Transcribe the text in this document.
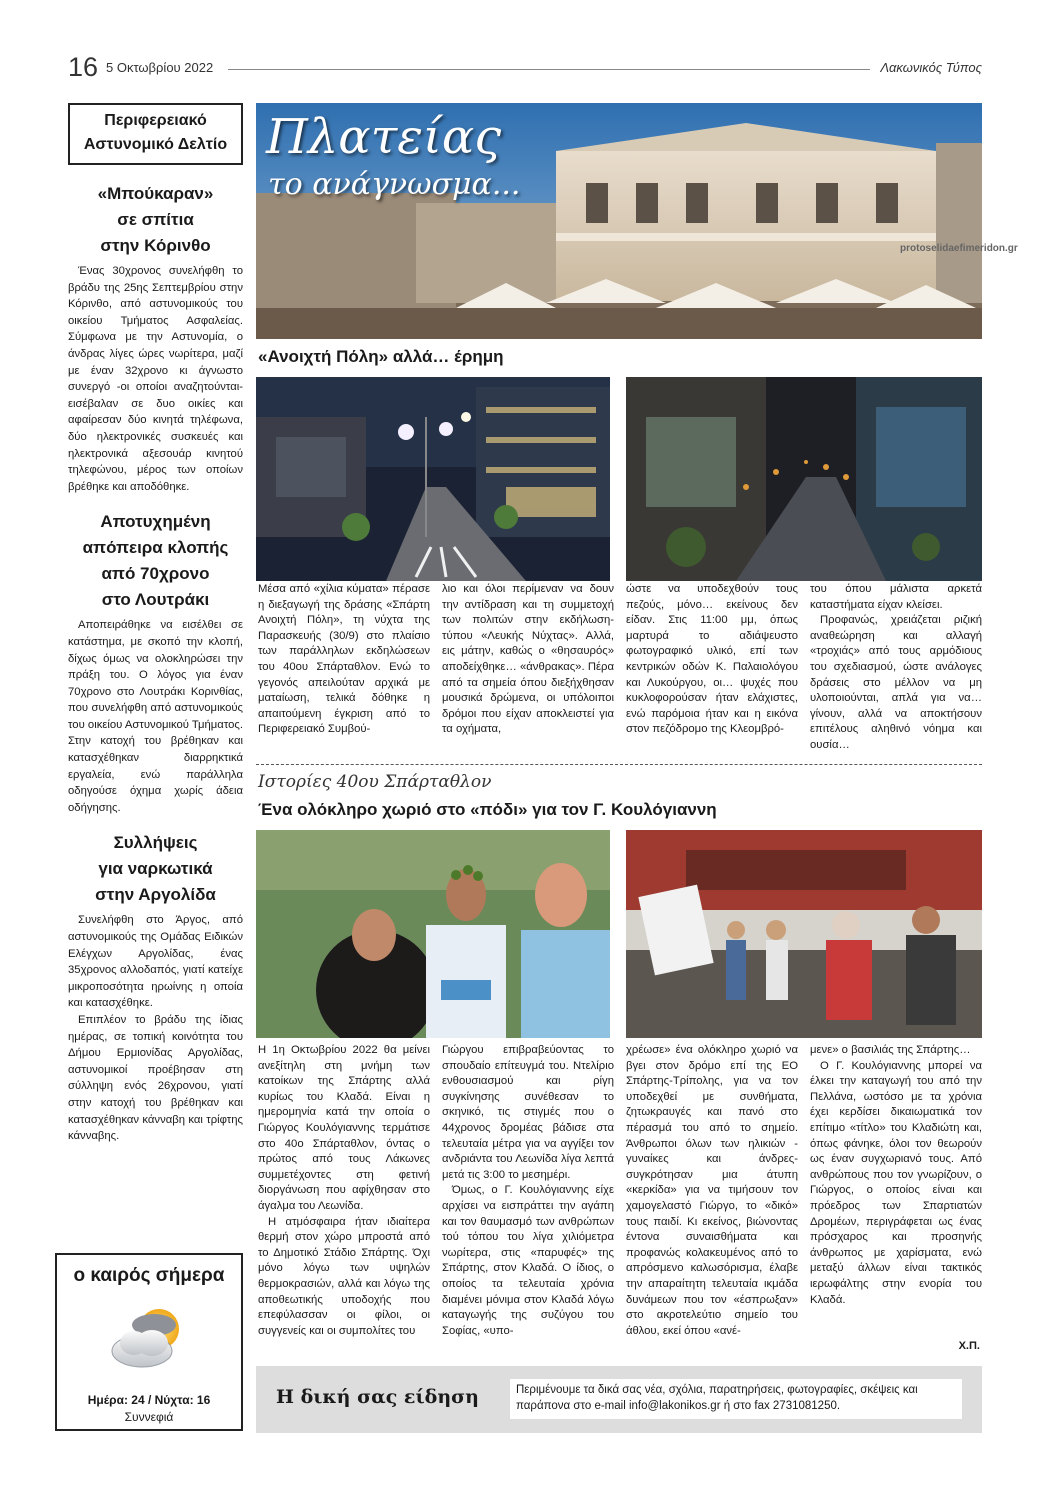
16 5 Οκτωβρίου 2022	Λακωνικός Τύπος
Περιφερειακό
Αστυνομικό Δελτίο
«Μπούκαραν»
σε σπίτια
στην Κόρινθο

Ένας 30χρονος συνελήφθη το βράδυ της 25ης Σεπτεμβρίου στην Κόρινθο, από αστυνομικούς του οικείου Τμήματος Ασφαλείας. Σύμφωνα με την Αστυνομία, ο άνδρας λίγες ώρες νωρίτερα, μαζί με έναν 32χρονο κι άγνωστο συνεργό -οι οποίοι αναζητούνται- εισέβαλαν σε δυο οικίες και αφαίρεσαν δύο κινητά τηλέφωνα, δύο ηλεκτρονικές συσκευές και ηλεκτρονικά αξεσουάρ κινητού τηλεφώνου, μέρος των οποίων βρέθηκε και αποδόθηκε.

Αποτυχημένη
απόπειρα κλοπής
από 70χρονο
στο Λουτράκι

Αποπειράθηκε να εισέλθει σε κατάστημα, με σκοπό την κλοπή, δίχως όμως να ολοκληρώσει την πράξη του. Ο λόγος για έναν 70χρονο στο Λουτράκι Κορινθίας, που συνελήφθη από αστυνομικούς του οικείου Αστυνομικού Τμήματος. Στην κατοχή του βρέθηκαν και κατασχέθηκαν διαρρηκτικά εργαλεία, ενώ παράλληλα οδηγούσε όχημα χωρίς άδεια οδήγησης.

Συλλήψεις
για ναρκωτικά
στην Αργολίδα

Συνελήφθη στο Άργος, από αστυνομικούς της Ομάδας Ειδικών Ελέγχων Αργολίδας, ένας 35χρονος αλλοδαπός, γιατί κατείχε μικροποσότητα ηρωίνης η οποία και κατασχέθηκε.

Επιπλέον το βράδυ της ίδιας ημέρας, σε τοπική κοινότητα του Δήμου Ερμιονίδας Αργολίδας, αστυνομικοί προέβησαν στη σύλληψη ενός 26χρονου, γιατί στην κατοχή του βρέθηκαν και κατασχέθηκαν κάνναβη και τρίφτης κάνναβης.

ο καιρός σήμερα
Ημέρα: 24 / Νύχτα: 16
Συννεφιά
Πλατείας
το ανάγνωσμα...
protoselidaefimeridon.gr
«Ανοιχτή Πόλη» αλλά… έρημη

Μέσα από «χίλια κύματα» πέρασε η διεξαγωγή της δράσης «Σπάρτη Ανοιχτή Πόλη», τη νύχτα της Παρασκευής (30/9) στο πλαίσιο των παράλληλων εκδηλώσεων του 40ου Σπάρταθλον. Ενώ το γεγονός απειλούταν αρχικά με ματαίωση, τελικά δόθηκε η απαιτούμενη έγκριση από το Περιφερειακό Συμβού-

λιο και όλοι περίμεναν να δουν την αντίδραση και τη συμμετοχή των πολιτών στην εκδήλωση-τύπου «Λευκής Νύχτας». Αλλά, εις μάτην, καθώς ο «θησαυρός» αποδείχθηκε… «άνθρακας». Πέρα από τα σημεία όπου διεξήχθησαν μουσικά δρώμενα, οι υπόλοιποι δρόμοι που είχαν αποκλειστεί για τα οχήματα,

ώστε να υποδεχθούν τους πεζούς, μόνο… εκείνους δεν είδαν. Στις 11:00 μμ, όπως μαρτυρά το αδιάψευστο φωτογραφικό υλικό, επί των κεντρικών οδών Κ. Παλαιολόγου και Λυκούργου, οι… ψυχές που κυκλοφορούσαν ήταν ελάχιστες, ενώ παρόμοια ήταν και η εικόνα στον πεζόδρομο της Κλεομβρό-

του όπου μάλιστα αρκετά καταστήματα είχαν κλείσει.

Προφανώς, χρειάζεται ριζική αναθεώρηση και αλλαγή «τροχιάς» από τους αρμόδιους του σχεδιασμού, ώστε ανάλογες δράσεις στο μέλλον να μη υλοποιούνται, απλά για να… γίνουν, αλλά να αποκτήσουν επιτέλους αληθινό νόημα και ουσία…

Ιστορίες 40ου Σπάρταθλον
Ένα ολόκληρο χωριό στο «πόδι» για τον Γ. Κουλόγιαννη

Η 1η Οκτωβρίου 2022 θα μείνει ανεξίτηλη στη μνήμη των κατοίκων της Σπάρτης αλλά κυρίως του Κλαδά. Είναι η ημερομηνία κατά την οποία ο Γιώργος Κουλόγιαννης τερμάτισε στο 40ο Σπάρταθλον, όντας ο πρώτος από τους Λάκωνες συμμετέχοντες στη φετινή διοργάνωση που αφίχθησαν στο άγαλμα του Λεωνίδα.

Η ατμόσφαιρα ήταν ιδιαίτερα θερμή στον χώρο μπροστά από το Δημοτικό Στάδιο Σπάρτης. Όχι μόνο λόγω των υψηλών θερμοκρασιών, αλλά και λόγω της αποθεωτικής υποδοχής που επεφύλασσαν οι φίλοι, οι συγγενείς και οι συμπολίτες του

Γιώργου επιβραβεύοντας το σπουδαίο επίτευγμά του. Ντελίριο ενθουσιασμού και ρίγη συγκίνησης συνέθεσαν το σκηνικό, τις στιγμές που ο 44χρονος δρομέας βάδισε στα τελευταία μέτρα για να αγγίξει τον ανδριάντα του Λεωνίδα λίγα λεπτά μετά τις 3:00 το μεσημέρι.

Όμως, ο Γ. Κουλόγιαννης είχε αρχίσει να εισπράττει την αγάπη και τον θαυμασμό των ανθρώπων τού τόπου του λίγα χιλιόμετρα νωρίτερα, στις «παρυφές» της Σπάρτης, στον Κλαδά. Ο ίδιος, ο οποίος τα τελευταία χρόνια διαμένει μόνιμα στον Κλαδά λόγω καταγωγής της συζύγου του Σοφίας, «υπο-

χρέωσε» ένα ολόκληρο χωριό να βγει στον δρόμο επί της ΕΟ Σπάρτης-Τρίπολης, για να τον υποδεχθεί με συνθήματα, ζητωκραυγές και πανό στο πέρασμά του από το σημείο. Άνθρωποι όλων των ηλικιών - γυναίκες και άνδρες- συγκρότησαν μια άτυπη «κερκίδα» για να τιμήσουν τον χαμογελαστό Γιώργο, το «δικό» τους παιδί. Κι εκείνος, βιώνοντας έντονα συναισθήματα και προφανώς κολακευμένος από το απρόσμενο καλωσόρισμα, έλαβε την απαραίτητη τελευταία ικμάδα δυνάμεων που τον «έσπρωξαν» στο ακροτελεύτιο σημείο του άθλου, εκεί όπου «ανέ-

μενε» ο βασιλιάς της Σπάρτης…

Ο Γ. Κουλόγιαννης μπορεί να έλκει την καταγωγή του από την Πελλάνα, ωστόσο με τα χρόνια έχει κερδίσει δικαιωματικά τον επίτιμο «τίτλο» του Κλαδιώτη και, όπως φάνηκε, όλοι τον θεωρούν ως έναν συγχωριανό τους. Από ανθρώπους που τον γνωρίζουν, ο Γιώργος, ο οποίος είναι και πρόεδρος των Σπαρτιατών Δρομέων, περιγράφεται ως ένας πρόσχαρος και προσηνής άνθρωπος με χαρίσματα, ενώ μεταξύ άλλων είναι τακτικός ιερωφάλτης στην ενορία του Κλαδά.

Χ.Π.
Η δική σας είδηση	Περιμένουμε τα δικά σας νέα, σχόλια, παρατηρήσεις, φωτογραφίες, σκέψεις και παράπονα στο e-mail info@lakonikos.gr ή στο fax 2731081250.
